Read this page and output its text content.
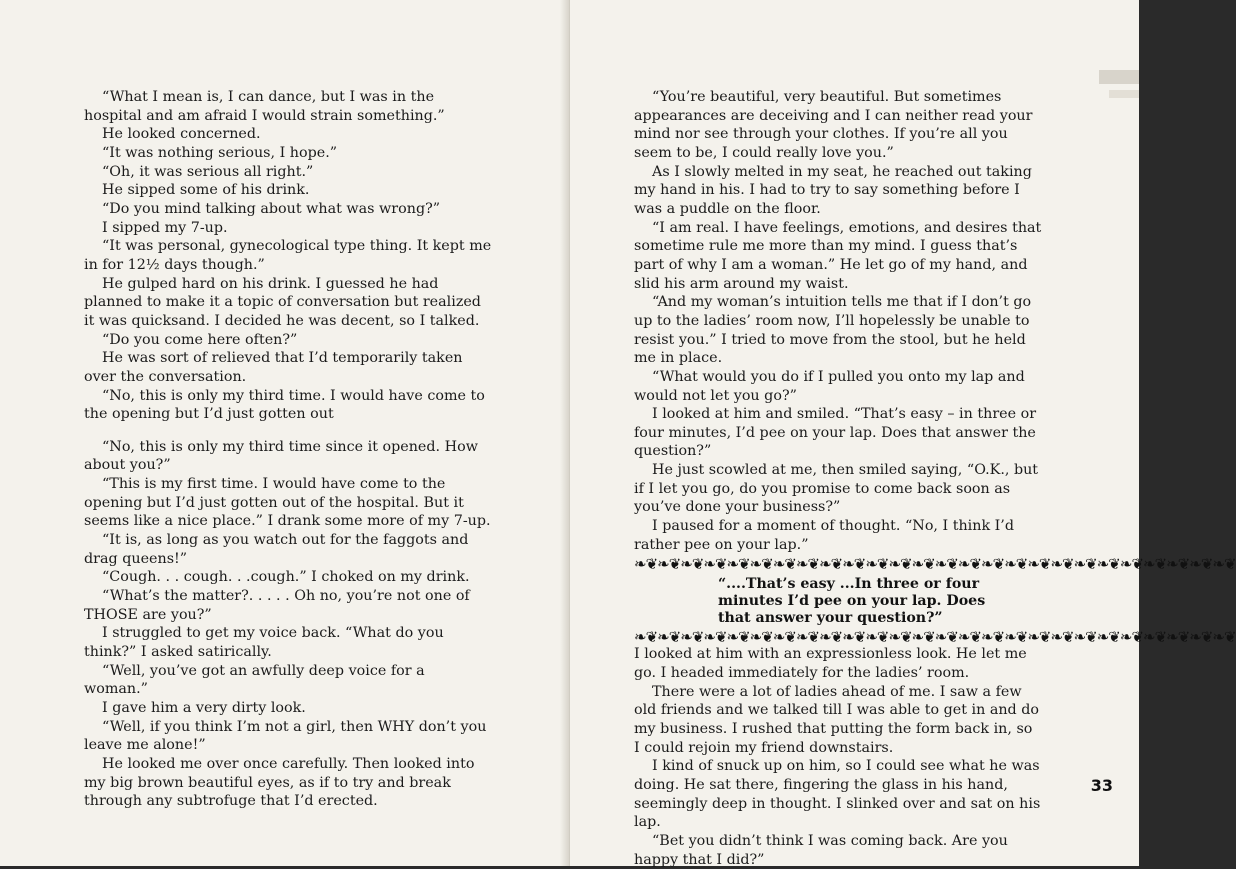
“What I mean is, I can dance, but I was in the hospital and am afraid I would strain something.”

He looked concerned.

“It was nothing serious, I hope.”

“Oh, it was serious all right.”

He sipped some of his drink.

“Do you mind talking about what was wrong?”

I sipped my 7-up.

“It was personal, gynecological type thing. It kept me in for 12½ days though.”

He gulped hard on his drink. I guessed he had planned to make it a topic of conversation but realized it was quicksand. I decided he was decent, so I talked.

“Do you come here often?”

He was sort of relieved that I’d temporarily taken over the conversation.

“No, this is only my third time. I would have come to the opening but I’d just gotten out

“No, this is only my third time since it opened. How about you?”

“This is my first time. I would have come to the opening but I’d just gotten out of the hospital. But it seems like a nice place.” I drank some more of my 7-up.

“It is, as long as you watch out for the faggots and drag queens!”

“Cough. . . cough. . .cough.” I choked on my drink.

“What’s the matter?. . . . . Oh no, you’re not one of THOSE are you?”

I struggled to get my voice back. “What do you think?” I asked satirically.

“Well, you’ve got an awfully deep voice for a woman.”

I gave him a very dirty look.

“Well, if you think I’m not a girl, then WHY don’t you leave me alone!”

He looked me over once carefully. Then looked into my big brown beautiful eyes, as if to try and break through any subtrofuge that I’d erected.

“You’re beautiful, very beautiful. But sometimes appearances are deceiving and I can neither read your mind nor see through your clothes. If you’re all you seem to be, I could really love you.”

As I slowly melted in my seat, he reached out taking my hand in his. I had to try to say something before I was a puddle on the floor.

“I am real. I have feelings, emotions, and desires that sometime rule me more than my mind. I guess that’s part of why I am a woman.” He let go of my hand, and slid his arm around my waist.

“And my woman’s intuition tells me that if I don’t go up to the ladies’ room now, I’ll hopelessly be unable to resist you.” I tried to move from the stool, but he held me in place.

“What would you do if I pulled you onto my lap and would not let you go?”

I looked at him and smiled. “That’s easy – in three or four minutes, I’d pee on your lap. Does that answer the question?”

He just scowled at me, then smiled saying, “O.K., but if I let you go, do you promise to come back soon as you’ve done your business?”

I paused for a moment of thought. “No, I think I’d rather pee on your lap.”

❧❦❧❦❧❦❧❦❧❦❧❦❧❦❧❦❧❦❧❦❧❦❧❦❧❦❧❦❧❦❧❦❧❦❧❦❧❦❧❦❧❦❧❦❧❦❧❦❧❦❧❦
“....That’s easy ...In three or four minutes I’d pee on your lap. Does that answer your question?”
❧❦❧❦❧❦❧❦❧❦❧❦❧❦❧❦❧❦❧❦❧❦❧❦❧❦❧❦❧❦❧❦❧❦❧❦❧❦❧❦❧❦❧❦❧❦❧❦❧❦❧❦

I looked at him with an expressionless look. He let me go. I headed immediately for the ladies’ room.

There were a lot of ladies ahead of me. I saw a few old friends and we talked till I was able to get in and do my business. I rushed that putting the form back in, so I could rejoin my friend downstairs.

I kind of snuck up on him, so I could see what he was doing. He sat there, fingering the glass in his hand, seemingly deep in thought. I slinked over and sat on his lap.

“Bet you didn’t think I was coming back. Are you happy that I did?”

33
